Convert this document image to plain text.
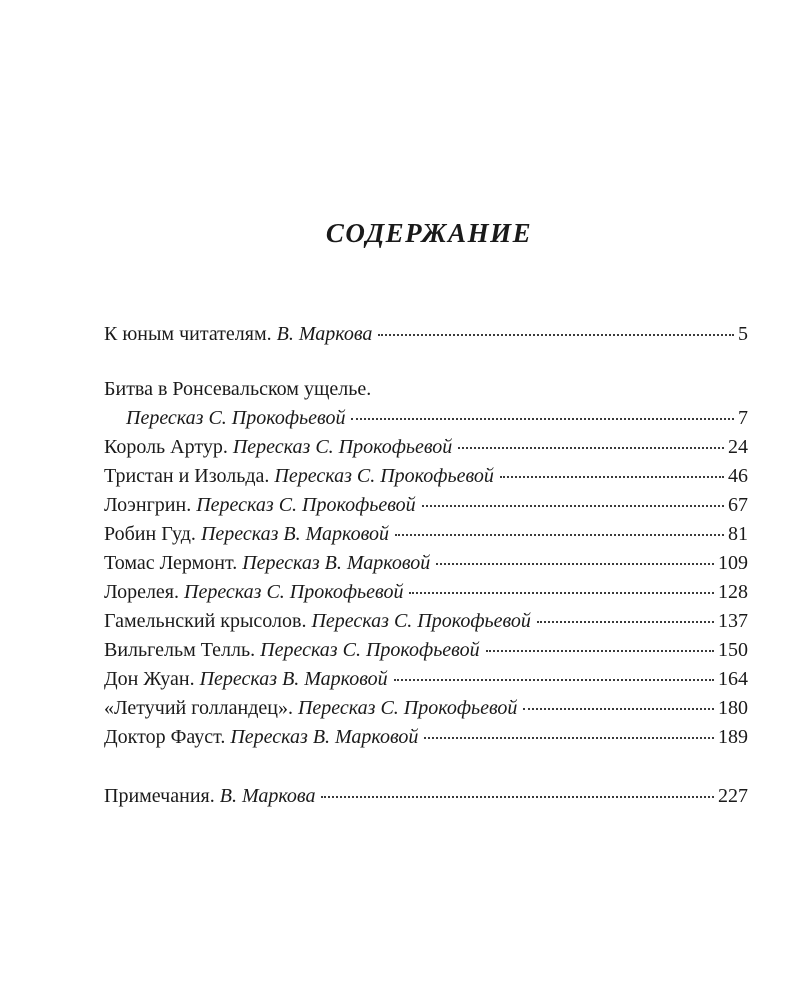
СОДЕРЖАНИЕ
К юным читателям. В. Маркова	5
Битва в Ронсевальском ущелье.
Пересказ С. Прокофьевой	7
Король Артур. Пересказ С. Прокофьевой	24
Тристан и Изольда. Пересказ С. Прокофьевой	46
Лоэнгрин. Пересказ С. Прокофьевой	67
Робин Гуд. Пересказ В. Марковой	81
Томас Лермонт. Пересказ В. Марковой	109
Лорелея. Пересказ С. Прокофьевой	128
Гамельнский крысолов. Пересказ С. Прокофьевой	137
Вильгельм Телль. Пересказ С. Прокофьевой	150
Дон Жуан. Пересказ В. Марковой	164
«Летучий голландец». Пересказ С. Прокофьевой	180
Доктор Фауст. Пересказ В. Марковой	189
Примечания. В. Маркова	227
